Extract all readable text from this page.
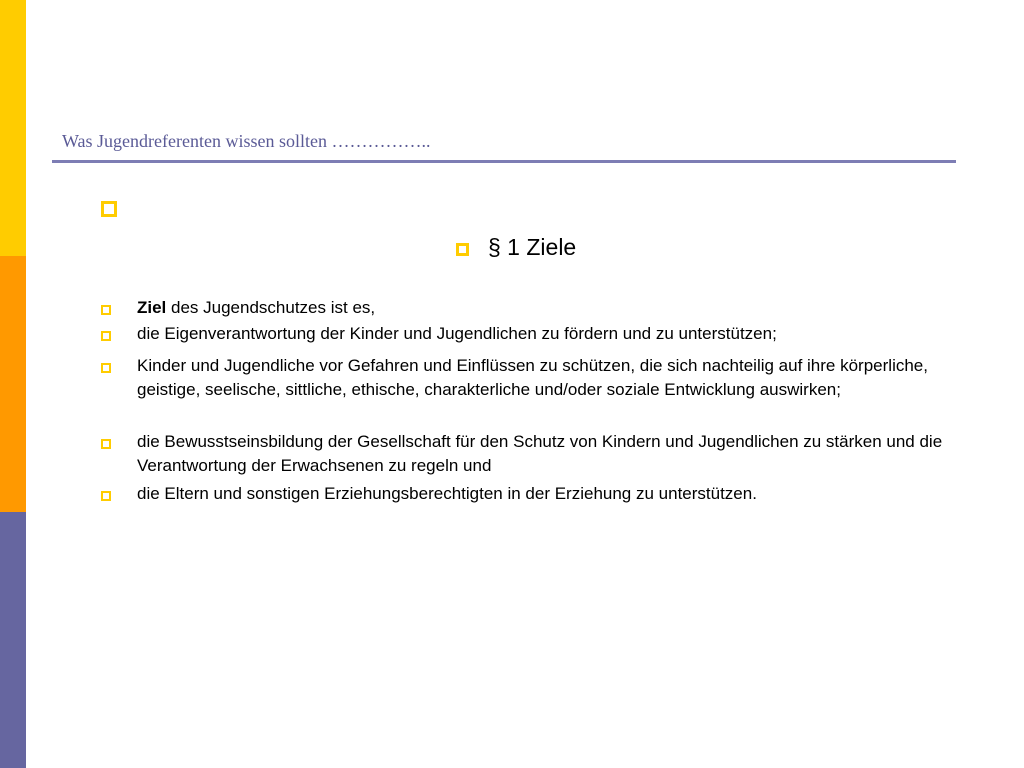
Was Jugendreferenten wissen sollten ……………..
§ 1 Ziele
Ziel des Jugendschutzes ist es,
die Eigenverantwortung der Kinder und Jugendlichen zu fördern und zu unterstützen;
Kinder und Jugendliche vor Gefahren und Einflüssen zu schützen, die sich nachteilig auf ihre körperliche, geistige, seelische, sittliche, ethische, charakterliche und/oder soziale Entwicklung auswirken;
die Bewusstseinsbildung der Gesellschaft für den Schutz von Kindern und Jugendlichen zu stärken und die Verantwortung der Erwachsenen zu regeln und
die Eltern und sonstigen Erziehungsberechtigten in der Erziehung zu unterstützen.
